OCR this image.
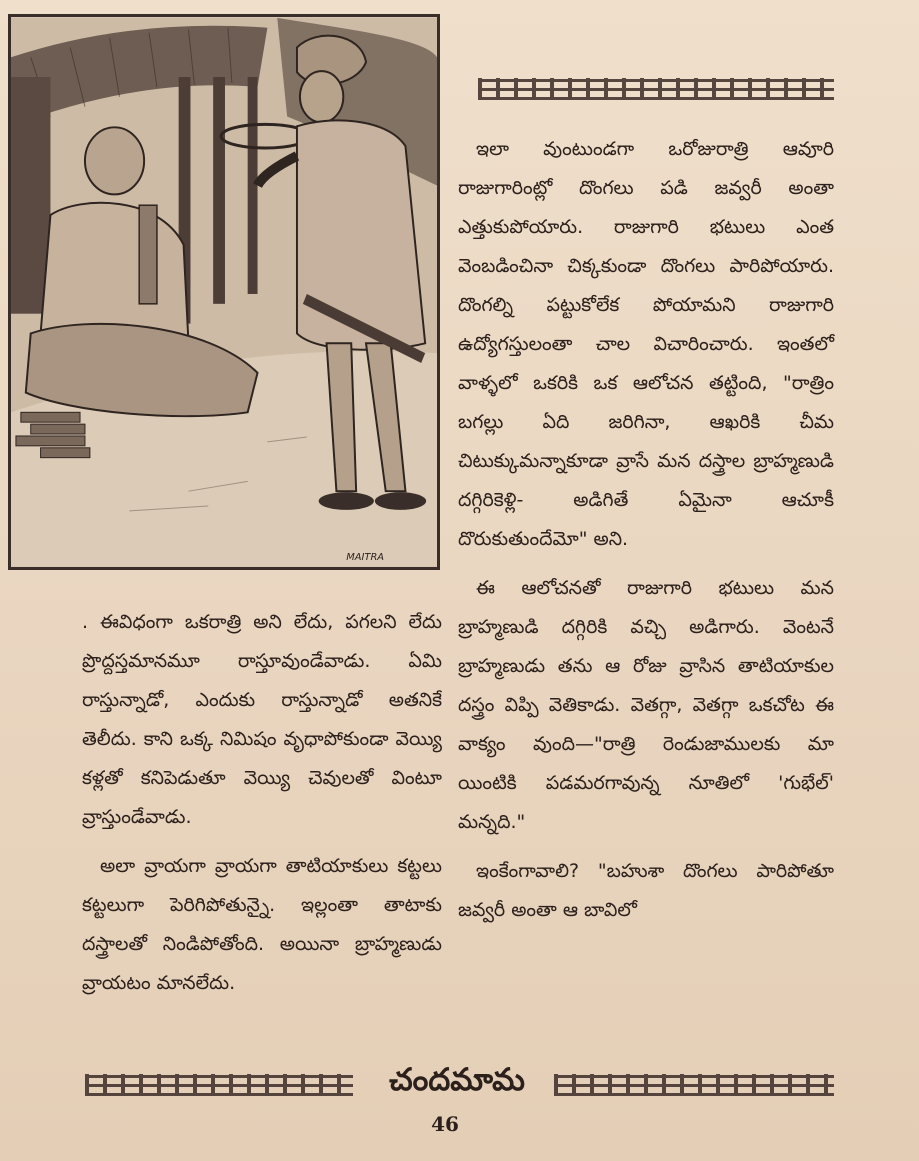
MAITRA

ఇలా వుంటుండగా ఒరోజురాత్రి ఆవూరి రాజుగారింట్లో దొంగలు పడి జవ్వరీ అంతా ఎత్తుకుపోయారు. రాజుగారి భటులు ఎంత వెంబడించినా చిక్కకుండా దొంగలు పారిపోయారు. దొంగల్ని పట్టుకోలేక పోయామని రాజుగారి ఉద్యోగస్తులంతా చాల విచారించారు. ఇంతలో వాళ్ళలో ఒకరికి ఒక ఆలోచన తట్టింది, "రాత్రిం బగల్లు ఏది జరిగినా, ఆఖరికి చీమ చిటుక్కుమన్నాకూడా వ్రాసే మన దస్త్రాల బ్రాహ్మణుడి దగ్గిరికెళ్లి- అడిగితే ఏమైనా ఆచూకీ దొరుకుతుందేమో" అని.

ఈ ఆలోచనతో రాజుగారి భటులు మన బ్రాహ్మణుడి దగ్గిరికి వచ్చి అడిగారు. వెంటనే బ్రాహ్మణుడు తను ఆ రోజు వ్రాసిన తాటియాకుల దస్త్రం విప్పి వెతికాడు. వెతగ్గా, వెతగ్గా ఒకచోట ఈ వాక్యం వుంది—"రాత్రి రెండుజాములకు మా యింటికి పడమరగావున్న నూతిలో 'గుభేల్' మన్నది."

ఇంకేంగావాలి? "బహుశా దొంగలు పారిపోతూ జవ్వరీ అంతా ఆ బావిలో

. ఈవిధంగా ఒకరాత్రి అని లేదు, పగలని లేదు ప్రొద్దస్తమానమూ రాస్తూవుండేవాడు. ఏమి రాస్తున్నాడో, ఎందుకు రాస్తున్నాడో అతనికే తెలీదు. కాని ఒక్క నిమిషం వృధాపోకుండా వెయ్యి కళ్లతో కనిపెడుతూ వెయ్యి చెవులతో వింటూ వ్రాస్తుండేవాడు.

అలా వ్రాయగా వ్రాయగా తాటియాకులు కట్టలు కట్టలుగా పెరిగిపోతున్నై. ఇల్లంతా తాటాకు దస్త్రాలతో నిండిపోతోంది. అయినా బ్రాహ్మణుడు వ్రాయటం మానలేదు.

చందమామ
46
